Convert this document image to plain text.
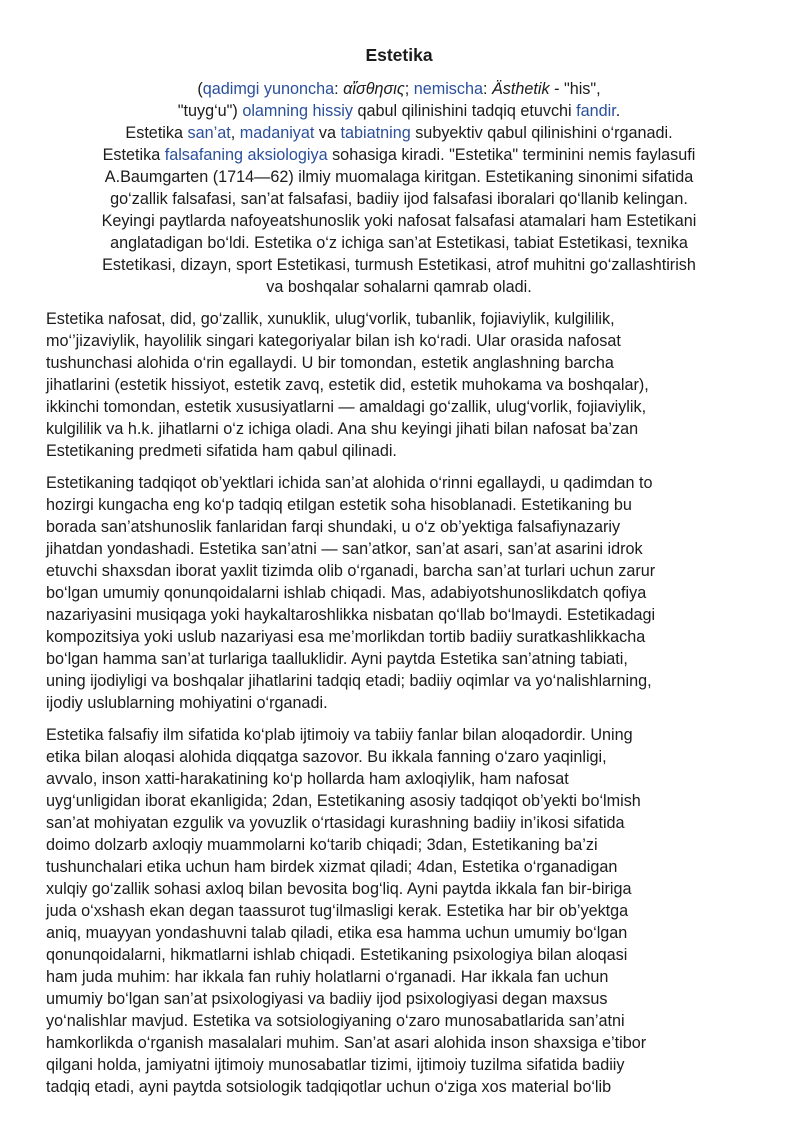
Estetika
(qadimgi yunoncha: αἴσθησις; nemischa: Ästhetik - "his",
"tuyg‘u") olamning hissiy qabul qilinishini tadqiq etuvchi fandir.
Estetika san’at, madaniyat va tabiatning subyektiv qabul qilinishini o‘rganadi.
Estetika falsafaning aksiologiya sohasiga kiradi. "Estetika" terminini nemis faylasufi
A.Baumgarten (1714—62) ilmiy muomalaga kiritgan. Estetikaning sinonimi sifatida
go‘zallik falsafasi, san’at falsafasi, badiiy ijod falsafasi iboralari qo‘llanib kelingan.
Keyingi paytlarda nafoyeatshunoslik yoki nafosat falsafasi atamalari ham Estetikani
anglatadigan bo‘ldi. Estetika o‘z ichiga san’at Estetikasi, tabiat Estetikasi, texnika
Estetikasi, dizayn, sport Estetikasi, turmush Estetikasi, atrof muhitni go‘zallashtirish
va boshqalar sohalarni qamrab oladi.
Estetika nafosat, did, go‘zallik, xunuklik, ulug‘vorlik, tubanlik, fojiaviylik, kulgililik,
mo‘’jizaviylik, hayolilik singari kategoriyalar bilan ish ko‘radi. Ular orasida nafosat
tushunchasi alohida o‘rin egallaydi. U bir tomondan, estetik anglashning barcha
jihatlarini (estetik hissiyot, estetik zavq, estetik did, estetik muhokama va boshqalar),
ikkinchi tomondan, estetik xususiyatlarni — amaldagi go‘zallik, ulug‘vorlik, fojiaviylik,
kulgililik va h.k. jihatlarni o‘z ichiga oladi. Ana shu keyingi jihati bilan nafosat ba’zan
Estetikaning predmeti sifatida ham qabul qilinadi.
Estetikaning tadqiqot ob’yektlari ichida san’at alohida o‘rinni egallaydi, u qadimdan to
hozirgi kungacha eng ko‘p tadqiq etilgan estetik soha hisoblanadi. Estetikaning bu
borada san’atshunoslik fanlaridan farqi shundaki, u o‘z ob’yektiga falsafiynazariy
jihatdan yondashadi. Estetika san’atni — san’atkor, san’at asari, san’at asarini idrok
etuvchi shaxsdan iborat yaxlit tizimda olib o‘rganadi, barcha san’at turlari uchun zarur
bo‘lgan umumiy qonunqoidalarni ishlab chiqadi. Mas, adabiyotshunoslikdatch qofiya
nazariyasini musiqaga yoki haykaltaroshlikka nisbatan qo‘llab bo‘lmaydi. Estetikadagi
kompozitsiya yoki uslub nazariyasi esa me’morlikdan tortib badiiy suratkashlikkacha
bo‘lgan hamma san’at turlariga taalluklidir. Ayni paytda Estetika san’atning tabiati,
uning ijodiyligi va boshqalar jihatlarini tadqiq etadi; badiiy oqimlar va yo‘nalishlarning,
ijodiy uslublarning mohiyatini o‘rganadi.
Estetika falsafiy ilm sifatida ko‘plab ijtimoiy va tabiiy fanlar bilan aloqadordir. Uning
etika bilan aloqasi alohida diqqatga sazovor. Bu ikkala fanning o‘zaro yaqinligi,
avvalo, inson xatti-harakatining ko‘p hollarda ham axloqiylik, ham nafosat
uyg‘unligidan iborat ekanligida; 2dan, Estetikaning asosiy tadqiqot ob’yekti bo‘lmish
san’at mohiyatan ezgulik va yovuzlik o‘rtasidagi kurashning badiiy in’ikosi sifatida
doimo dolzarb axloqiy muammolarni ko‘tarib chiqadi; 3dan, Estetikaning ba’zi
tushunchalari etika uchun ham birdek xizmat qiladi; 4dan, Estetika o‘rganadigan
xulqiy go‘zallik sohasi axloq bilan bevosita bog‘liq. Ayni paytda ikkala fan bir-biriga
juda o‘xshash ekan degan taassurot tug‘ilmasligi kerak. Estetika har bir ob’yektga
aniq, muayyan yondashuvni talab qiladi, etika esa hamma uchun umumiy bo‘lgan
qonunqoidalarni, hikmatlarni ishlab chiqadi. Estetikaning psixologiya bilan aloqasi
ham juda muhim: har ikkala fan ruhiy holatlarni o‘rganadi. Har ikkala fan uchun
umumiy bo‘lgan san’at psixologiyasi va badiiy ijod psixologiyasi degan maxsus
yo‘nalishlar mavjud. Estetika va sotsiologiyaning o‘zaro munosabatlarida san’atni
hamkorlikda o‘rganish masalalari muhim. San’at asari alohida inson shaxsiga e’tibor
qilgani holda, jamiyatni ijtimoiy munosabatlar tizimi, ijtimoiy tuzilma sifatida badiiy
tadqiq etadi, ayni paytda sotsiologik tadqiqotlar uchun o‘ziga xos material bo‘lib
